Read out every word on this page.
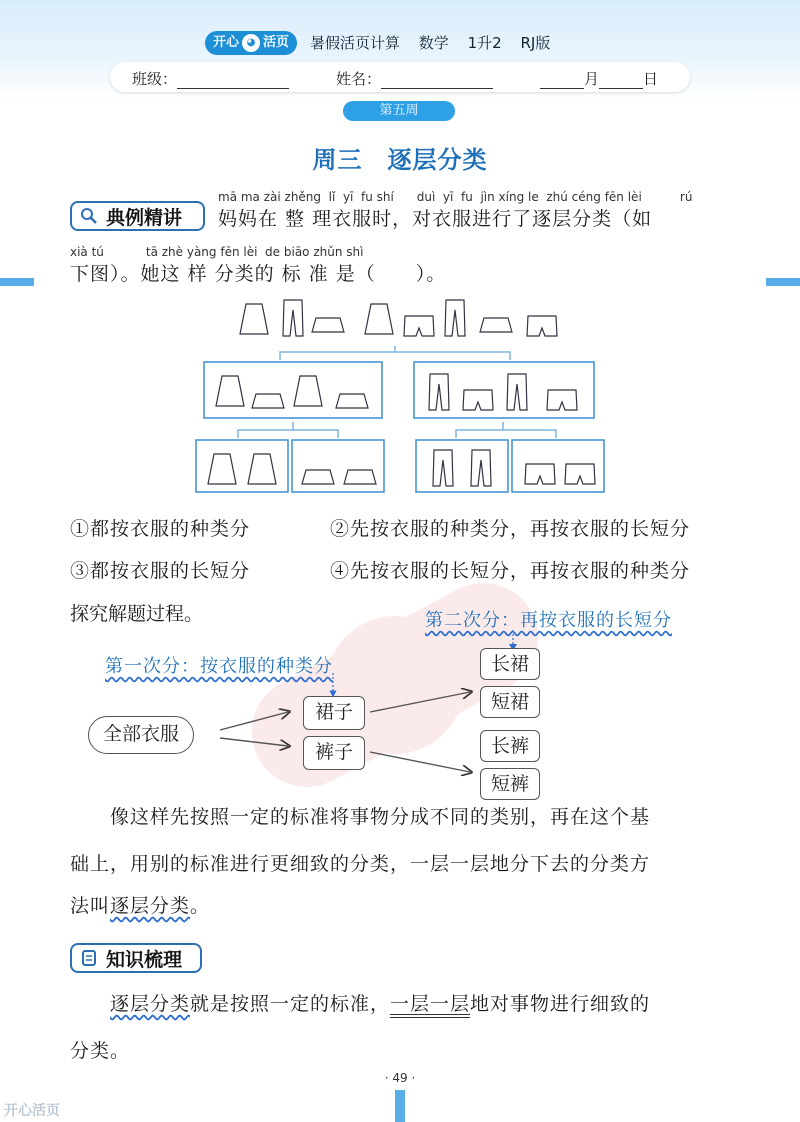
开心 ◕ 活页 暑假活页计算 数学 1升2 RJ版
班级：	姓名：	月	日
第五周
周三　逐层分类
典例精讲
mā ma zài zhěng  lǐ  yī  fu shí      duì  yī  fu  jìn xíng le  zhú céng fēn lèi          rú
妈妈在 整 理衣服时，对衣服进行了逐层分类（如
xià tú           tā zhè yàng fēn lèi  de biāo zhǔn shì
下图）。她这 样 分类的 标 准 是（　　）。
①都按衣服的种类分	②先按衣服的种类分，再按衣服的长短分
③都按衣服的长短分	④先按衣服的长短分，再按衣服的种类分
探究解题过程。	第二次分：再按衣服的长短分
第一次分：按衣服的种类分
全部衣服
裙子
裤子
长裙
短裙
长裤
短裤
像这样先按照一定的标准将事物分成不同的类别，再在这个基
础上，用别的标准进行更细致的分类，一层一层地分下去的分类方
法叫逐层分类。
知识梳理
逐层分类就是按照一定的标准，一层一层地对事物进行细致的
分类。
· 49 ·
开心活页
